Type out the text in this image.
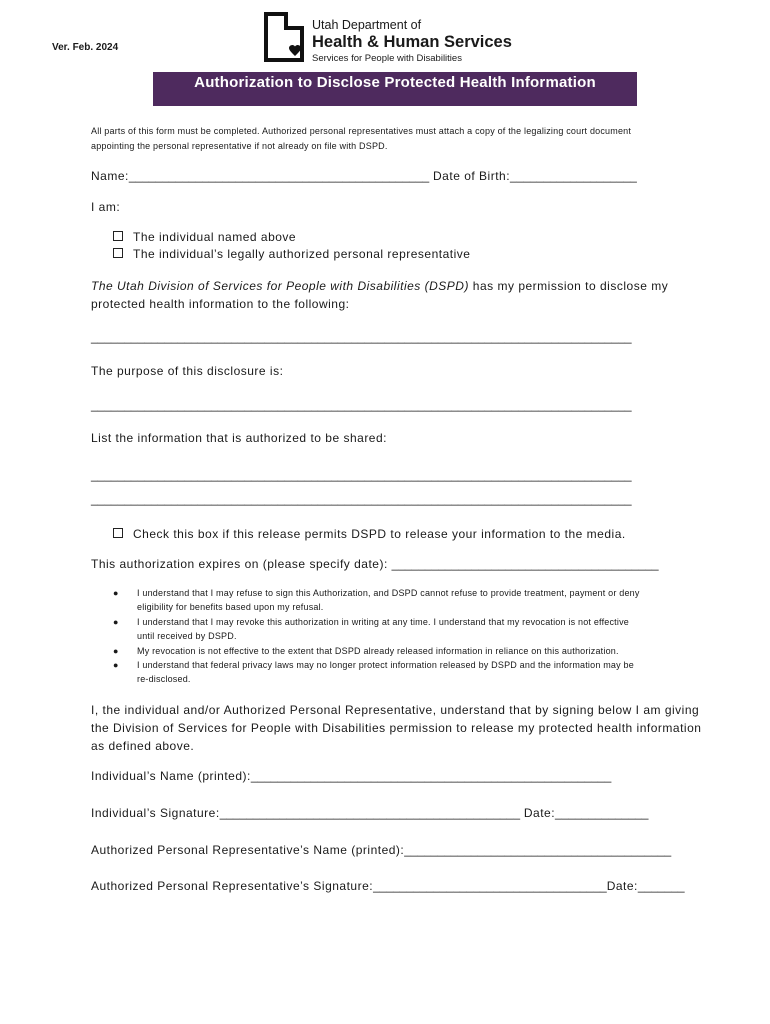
Ver. Feb. 2024
Utah Department of
Health & Human Services
Services for People with Disabilities
Authorization to Disclose Protected Health Information
All parts of this form must be completed. Authorized personal representatives must attach a copy of the legalizing court document
appointing the personal representative if not already on file with DSPD.
Name:_____________________________________________ Date of Birth:___________________
I am:
The individual named above
The individual’s legally authorized personal representative
The Utah Division of Services for People with Disabilities (DSPD) has my permission to disclose my
protected health information to the following:
_________________________________________________________________________________
The purpose of this disclosure is:
_________________________________________________________________________________
List the information that is authorized to be shared:
_________________________________________________________________________________
_________________________________________________________________________________
Check this box if this release permits DSPD to release your information to the media.
This authorization expires on (please specify date): ________________________________________
● I understand that I may refuse to sign this Authorization, and DSPD cannot refuse to provide treatment, payment or deny
eligibility for benefits based upon my refusal.
● I understand that I may revoke this authorization in writing at any time. I understand that my revocation is not effective
until received by DSPD.
● My revocation is not effective to the extent that DSPD already released information in reliance on this authorization.
● I understand that federal privacy laws may no longer protect information released by DSPD and the information may be
re-disclosed.
I, the individual and/or Authorized Personal Representative, understand that by signing below I am giving
the Division of Services for People with Disabilities permission to release my protected health information
as defined above.
Individual’s Name (printed):______________________________________________________
Individual’s Signature:_____________________________________________ Date:______________
Authorized Personal Representative’s Name (printed):________________________________________
Authorized Personal Representative’s Signature:___________________________________Date:_______
